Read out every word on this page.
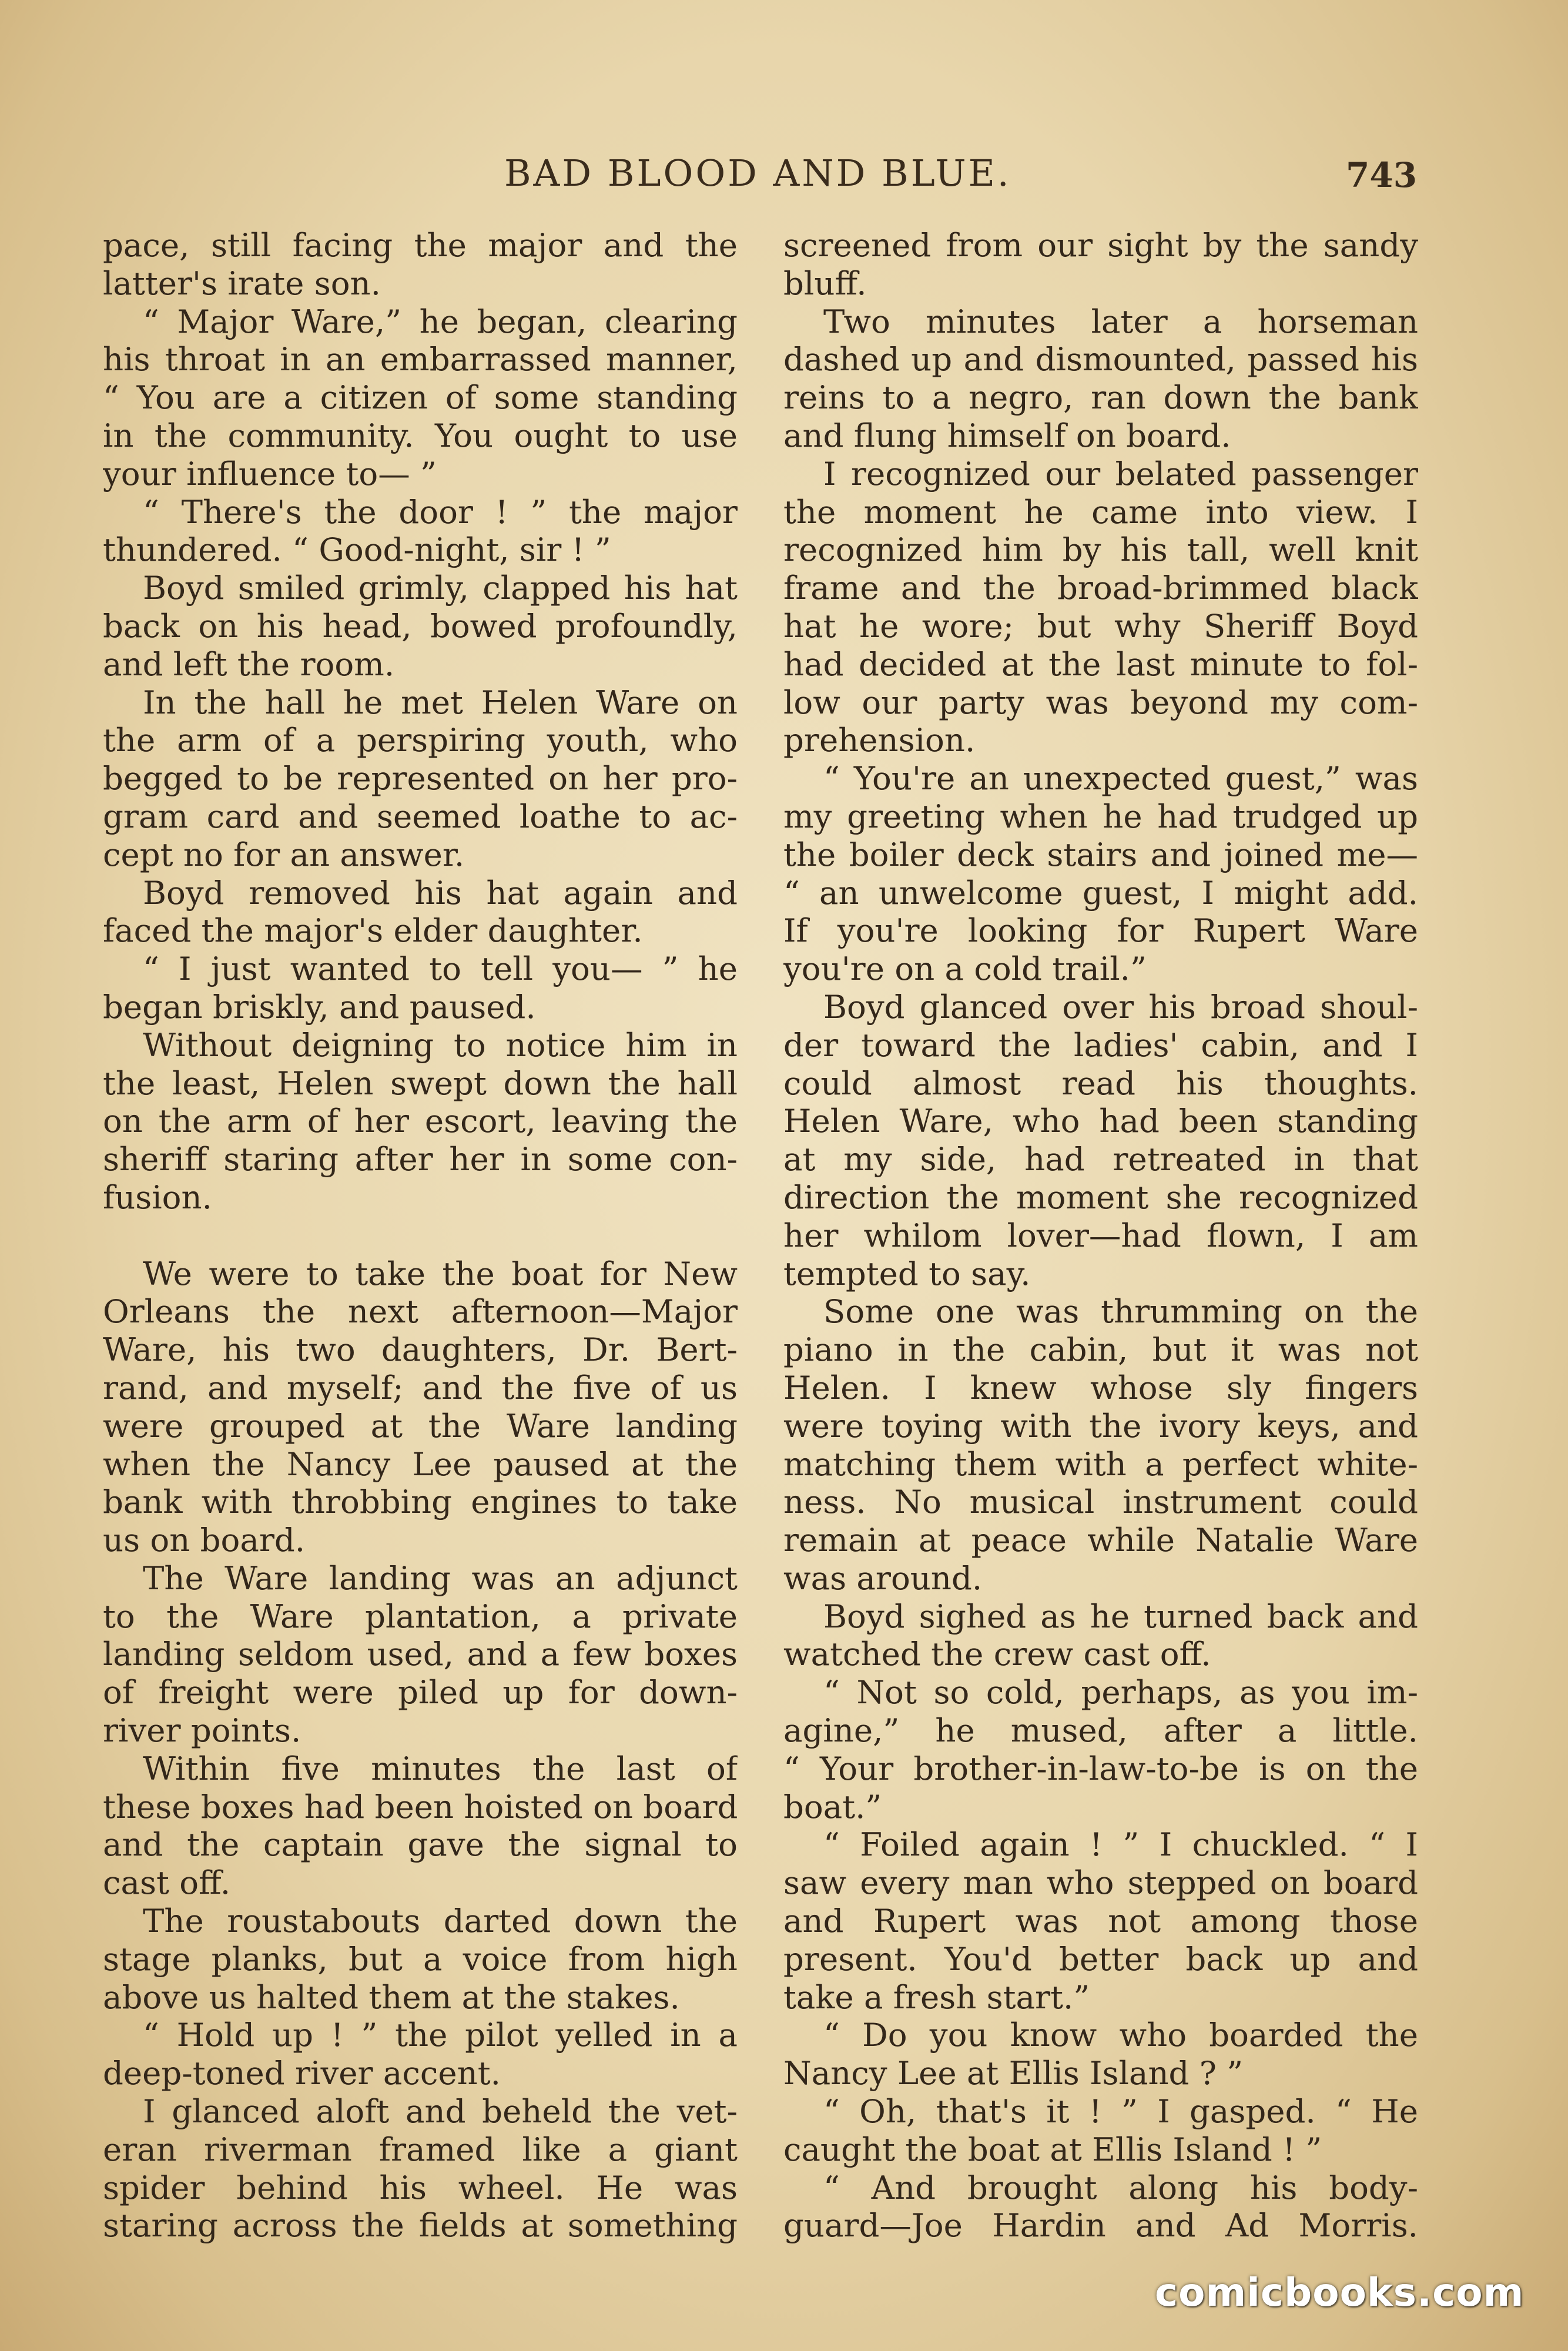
BAD BLOOD AND BLUE.	743
pace, still facing the major and the
latter's irate son.
“ Major Ware,” he began, clearing
his throat in an embarrassed manner,
“ You are a citizen of some standing
in the community. You ought to use
your influence to— ”
“ There's the door ! ” the major
thundered. “ Good-night, sir ! ”
Boyd smiled grimly, clapped his hat
back on his head, bowed profoundly,
and left the room.
In the hall he met Helen Ware on
the arm of a perspiring youth, who
begged to be represented on her pro-
gram card and seemed loathe to ac-
cept no for an answer.
Boyd removed his hat again and
faced the major's elder daughter.
“ I just wanted to tell you— ” he
began briskly, and paused.
Without deigning to notice him in
the least, Helen swept down the hall
on the arm of her escort, leaving the
sheriff staring after her in some con-
fusion.
We were to take the boat for New
Orleans the next afternoon—Major
Ware, his two daughters, Dr. Bert-
rand, and myself; and the five of us
were grouped at the Ware landing
when the Nancy Lee paused at the
bank with throbbing engines to take
us on board.
The Ware landing was an adjunct
to the Ware plantation, a private
landing seldom used, and a few boxes
of freight were piled up for down-
river points.
Within five minutes the last of
these boxes had been hoisted on board
and the captain gave the signal to
cast off.
The roustabouts darted down the
stage planks, but a voice from high
above us halted them at the stakes.
“ Hold up ! ” the pilot yelled in a
deep-toned river accent.
I glanced aloft and beheld the vet-
eran riverman framed like a giant
spider behind his wheel. He was
staring across the fields at something
screened from our sight by the sandy
bluff.
Two minutes later a horseman
dashed up and dismounted, passed his
reins to a negro, ran down the bank
and flung himself on board.
I recognized our belated passenger
the moment he came into view. I
recognized him by his tall, well knit
frame and the broad-brimmed black
hat he wore; but why Sheriff Boyd
had decided at the last minute to fol-
low our party was beyond my com-
prehension.
“ You're an unexpected guest,” was
my greeting when he had trudged up
the boiler deck stairs and joined me—
“ an unwelcome guest, I might add.
If you're looking for Rupert Ware
you're on a cold trail.”
Boyd glanced over his broad shoul-
der toward the ladies' cabin, and I
could almost read his thoughts.
Helen Ware, who had been standing
at my side, had retreated in that
direction the moment she recognized
her whilom lover—had flown, I am
tempted to say.
Some one was thrumming on the
piano in the cabin, but it was not
Helen. I knew whose sly fingers
were toying with the ivory keys, and
matching them with a perfect white-
ness. No musical instrument could
remain at peace while Natalie Ware
was around.
Boyd sighed as he turned back and
watched the crew cast off.
“ Not so cold, perhaps, as you im-
agine,” he mused, after a little.
“ Your brother-in-law-to-be is on the
boat.”
“ Foiled again ! ” I chuckled. “ I
saw every man who stepped on board
and Rupert was not among those
present. You'd better back up and
take a fresh start.”
“ Do you know who boarded the
Nancy Lee at Ellis Island ? ”
“ Oh, that's it ! ” I gasped. “ He
caught the boat at Ellis Island ! ”
“ And brought along his body-
guard—Joe Hardin and Ad Morris.
comicbooks.com
